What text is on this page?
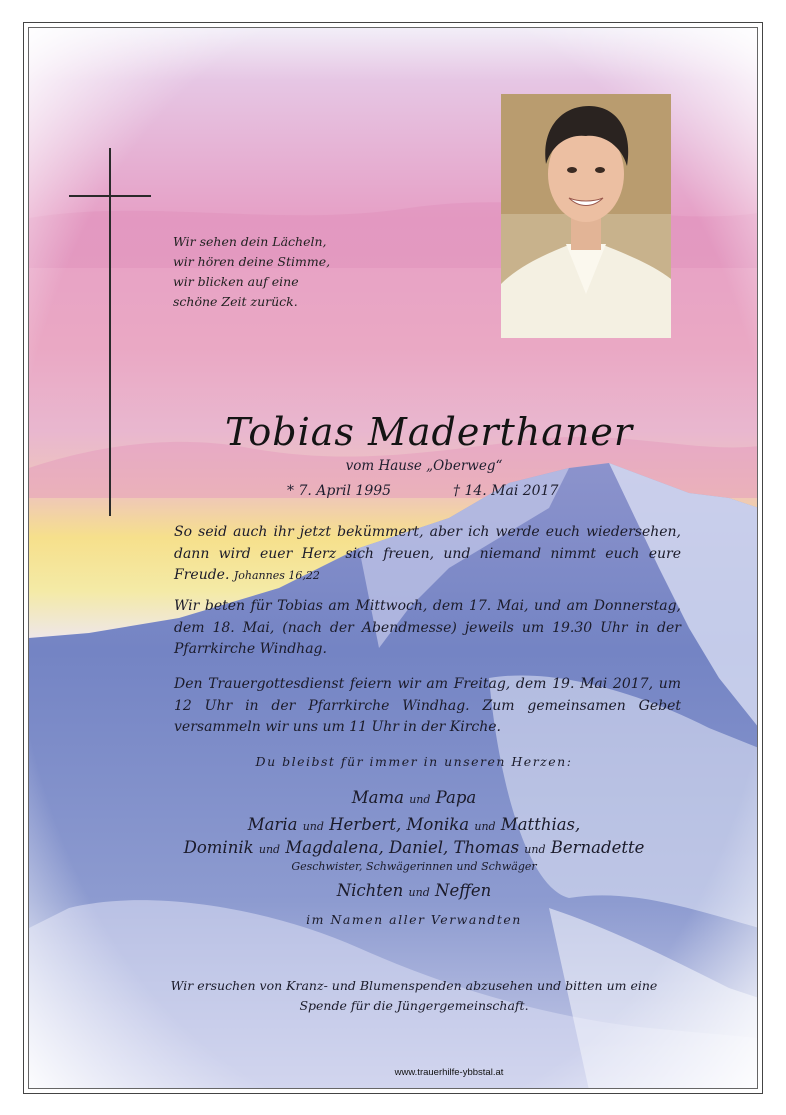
Wir sehen dein Lächeln,
wir hören deine Stimme,
wir blicken auf eine
schöne Zeit zurück.
Tobias Maderthaner
vom Hause „Oberweg“
* 7. April 1995	† 14. Mai 2017
So seid auch ihr jetzt bekümmert, aber ich werde euch wiedersehen, dann wird euer Herz sich freuen, und niemand nimmt euch eure Freude. Johannes 16,22
Wir beten für Tobias am Mittwoch, dem 17. Mai, und am Donnerstag, dem 18. Mai, (nach der Abendmesse) jeweils um 19.30 Uhr in der Pfarrkirche Windhag.
Den Trauergottesdienst feiern wir am Freitag, dem 19. Mai 2017, um 12 Uhr in der Pfarrkirche Windhag. Zum gemeinsamen Gebet versammeln wir uns um 11 Uhr in der Kirche.
Du bleibst für immer in unseren Herzen:
Mama und Papa
Maria und Herbert, Monika und Matthias,
Dominik und Magdalena, Daniel, Thomas und Bernadette
Geschwister, Schwägerinnen und Schwäger
Nichten und Neffen
im Namen aller Verwandten
Wir ersuchen von Kranz- und Blumenspenden abzusehen und bitten um eine
Spende für die Jüngergemeinschaft.
www.trauerhilfe-ybbstal.at
